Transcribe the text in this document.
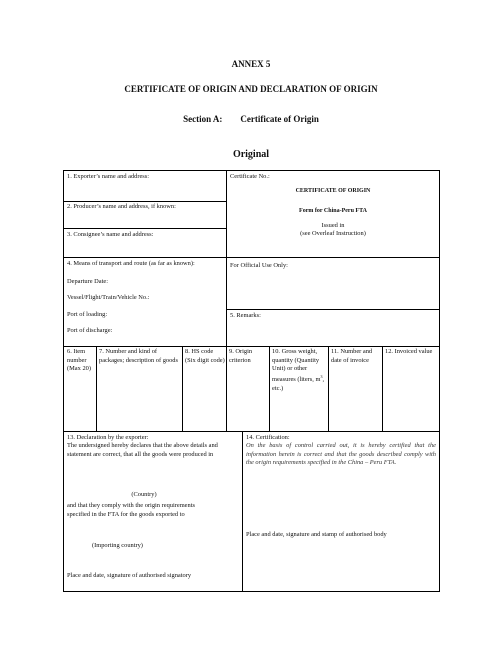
ANNEX 5
CERTIFICATE OF ORIGIN AND DECLARATION OF ORIGIN
Section A: Certificate of Origin
Original
1. Exporter’s name and address:
2. Producer’s name and address, if known:
3. Consignee’s name and address:
Certificate No.:
CERTIFICATE OF ORIGIN
Form for China-Peru FTA
Issued in
(see Overleaf Instruction)
4. Means of transport and route (as far as known):
Departure Date:
Vessel/Flight/Train/Vehicle No.:
Port of loading:
Port of discharge:
For Official Use Only:
5. Remarks:
6. Item number (Max 20)
7. Number and kind of packages; description of goods
8. HS code (Six digit code)
9. Origin criterion
10. Gross weight, quantity (Quantity Unit) or other measures (liters, $m^3$, etc.)
11. Number and date of invoice
12. Invoiced value
13. Declaration by the exporter:
The undersigned hereby declares that the above details and statement are correct, that all the goods were produced in
(Country)
and that they comply with the origin requirements specified in the FTA for the goods exported to
(Importing country)
Place and date, signature of authorised signatory
14. Certification:
On the basis of control carried out, it is hereby certified that the information herein is correct and that the goods described comply with the origin requirements specified in the China – Peru FTA.
Place and date, signature and stamp of authorised body
